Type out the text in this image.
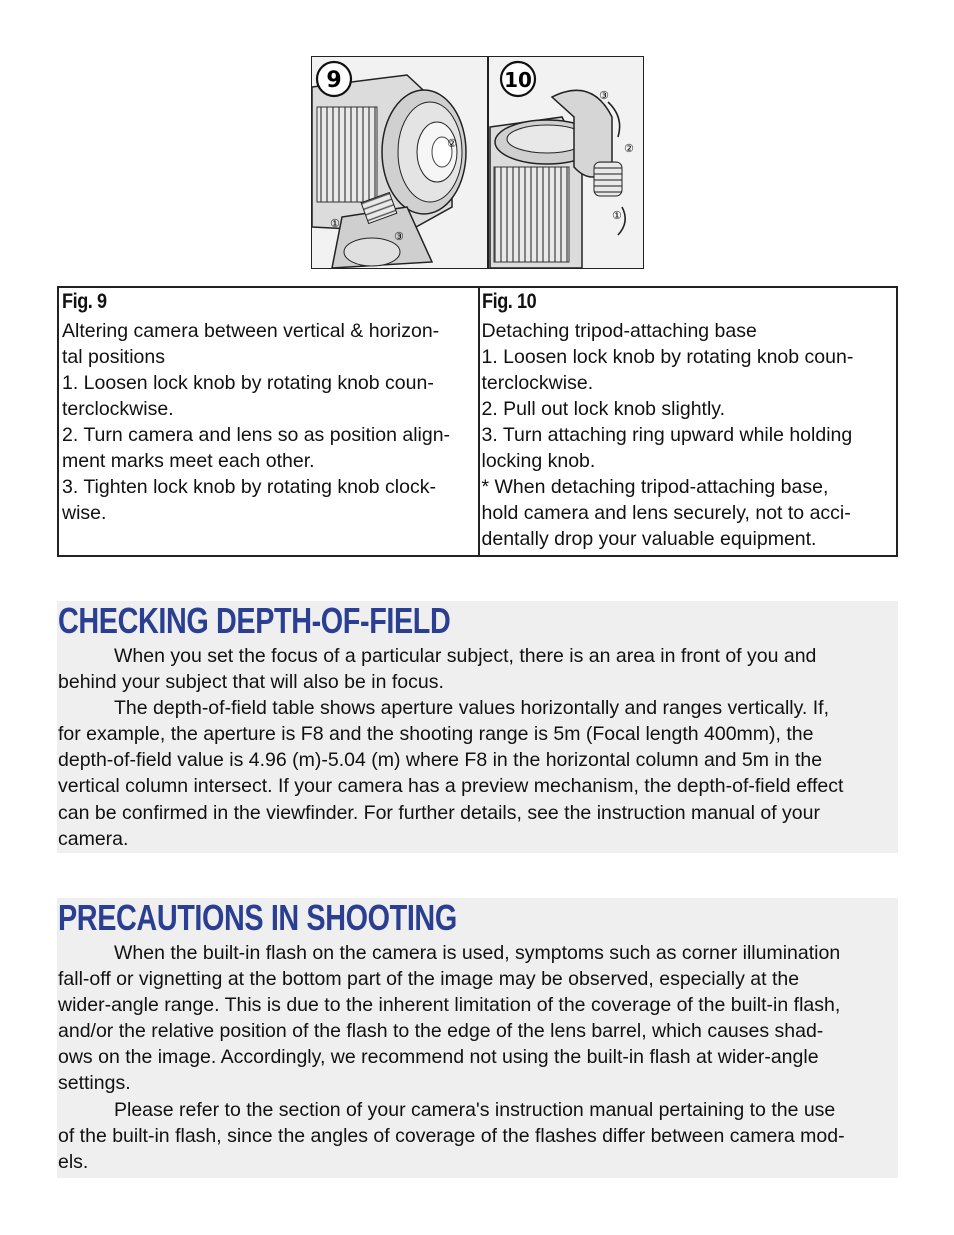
①
③
②
9
③
②
①
10
Fig. 9
Altering camera between vertical & horizon-
tal positions
1. Loosen lock knob by rotating knob coun-
terclockwise.
2. Turn camera and lens so as position align-
ment marks meet each other.
3. Tighten lock knob by rotating knob clock-
wise.
Fig. 10
Detaching tripod-attaching base
1. Loosen lock knob by rotating knob coun-
terclockwise.
2. Pull out lock knob slightly.
3. Turn attaching ring upward while holding
locking knob.
* When detaching tripod-attaching base,
hold camera and lens securely, not to acci-
dentally drop your valuable equipment.
CHECKING DEPTH-OF-FIELD
When you set the focus of a particular subject, there is an area in front of you and
behind your subject that will also be in focus.
The depth-of-field table shows aperture values horizontally and ranges vertically. If,
for example, the aperture is F8 and the shooting range is 5m (Focal length 400mm), the
depth-of-field value is 4.96 (m)-5.04 (m) where F8 in the horizontal column and 5m in the
vertical column intersect. If your camera has a preview mechanism, the depth-of-field effect
can be confirmed in the viewfinder. For further details, see the instruction manual of your
camera.
PRECAUTIONS IN SHOOTING
When the built-in flash on the camera is used, symptoms such as corner illumination
fall-off or vignetting at the bottom part of the image may be observed, especially at the
wider-angle range. This is due to the inherent limitation of the coverage of the built-in flash,
and/or the relative position of the flash to the edge of the lens barrel, which causes shad-
ows on the image. Accordingly, we recommend not using the built-in flash at wider-angle
settings.
Please refer to the section of your camera's instruction manual pertaining to the use
of the built-in flash, since the angles of coverage of the flashes differ between camera mod-
els.
